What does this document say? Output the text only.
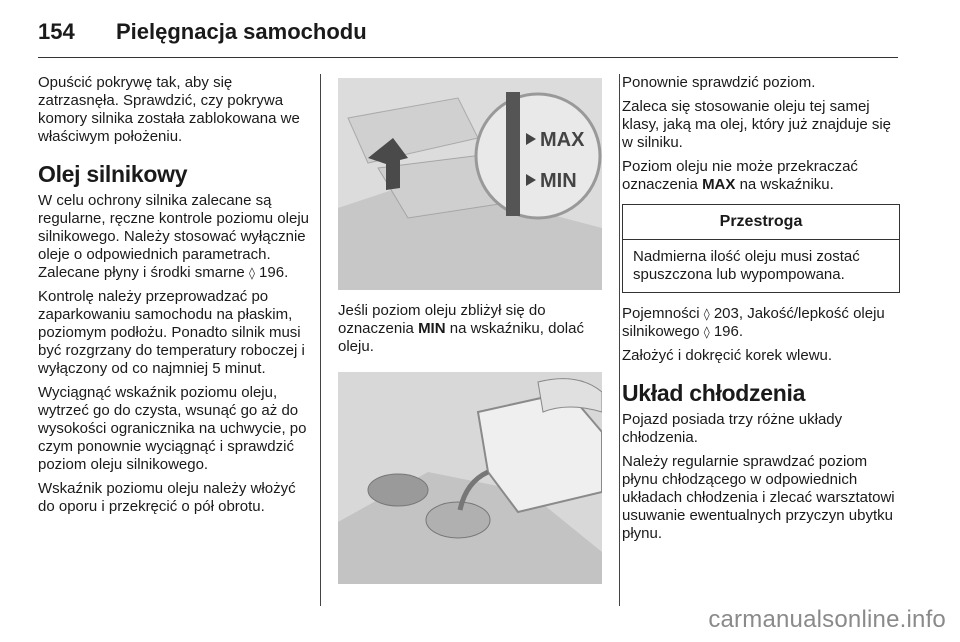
154	Pielęgnacja samochodu

Opuścić pokrywę tak, aby się zatrzasnęła. Sprawdzić, czy pokrywa komory silnika została zablokowana we właściwym położeniu.

Olej silnikowy

W celu ochrony silnika zalecane są regularne, ręczne kontrole poziomu oleju silnikowego. Należy stosować wyłącznie oleje o odpowiednich parametrach. Zalecane płyny i środki smarne ◊ 196.

Kontrolę należy przeprowadzać po zaparkowaniu samochodu na płaskim, poziomym podłożu. Ponadto silnik musi być rozgrzany do temperatury roboczej i wyłączony od co najmniej 5 minut.

Wyciągnąć wskaźnik poziomu oleju, wytrzeć go do czysta, wsunąć go aż do wysokości ogranicznika na uchwycie, po czym ponownie wyciągnąć i sprawdzić poziom oleju silnikowego.

Wskaźnik poziomu oleju należy włożyć do oporu i przekręcić o pół obrotu.

MAX
MIN

Jeśli poziom oleju zbliżył się do oznaczenia MIN na wskaźniku, dolać oleju.

Ponownie sprawdzić poziom.

Zaleca się stosowanie oleju tej samej klasy, jaką ma olej, który już znajduje się w silniku.

Poziom oleju nie może przekraczać oznaczenia MAX na wskaźniku.

Przestroga
Nadmierna ilość oleju musi zostać spuszczona lub wypompowana.

Pojemności ◊ 203, Jakość/lepkość oleju silnikowego ◊ 196.

Założyć i dokręcić korek wlewu.

Układ chłodzenia

Pojazd posiada trzy różne układy chłodzenia.

Należy regularnie sprawdzać poziom płynu chłodzącego w odpowiednich układach chłodzenia i zlecać warsztatowi usuwanie ewentualnych przyczyn ubytku płynu.

carmanualsonline.info
